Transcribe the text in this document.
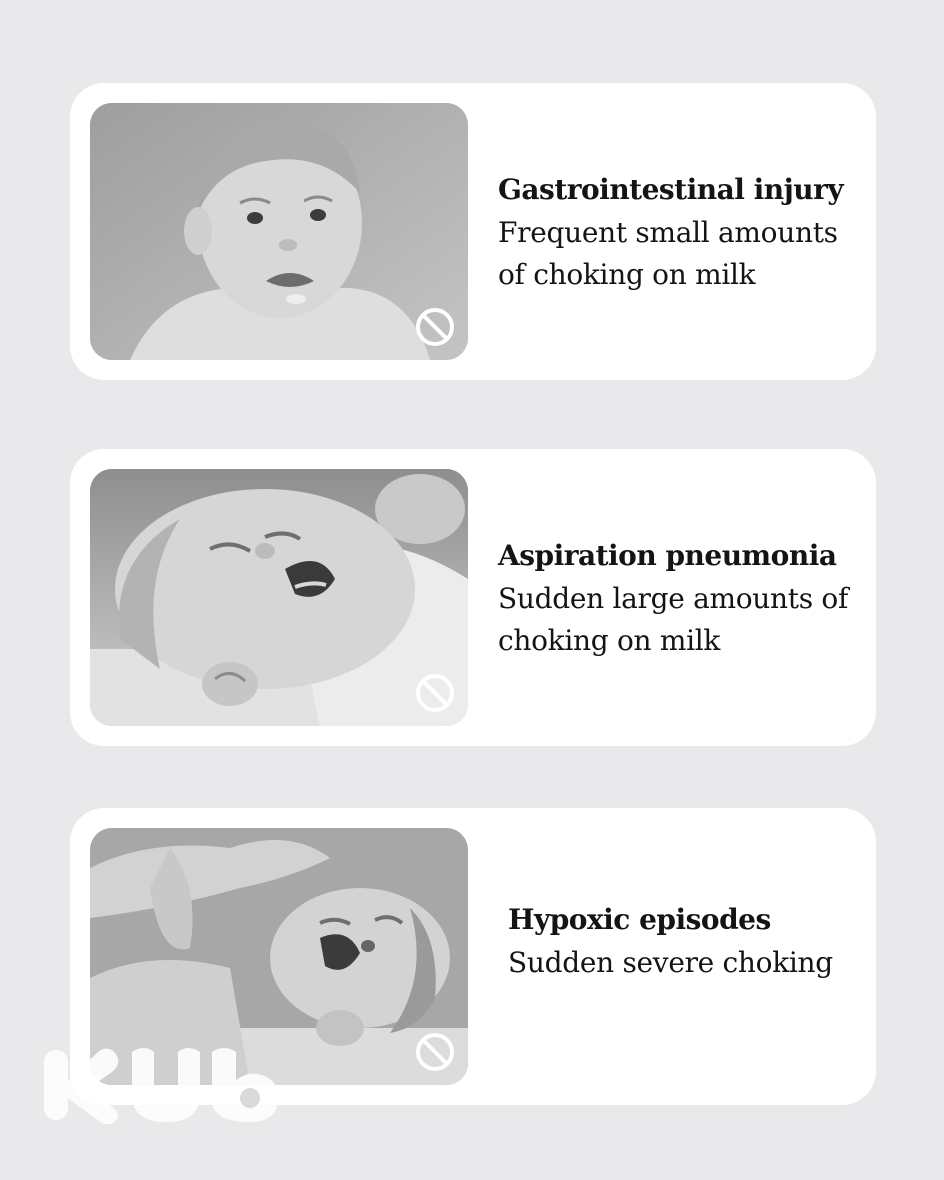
Gastrointestinal injury
Frequent small amounts of choking on milk
Aspiration pneumonia
Sudden large amounts of choking on milk
Hypoxic episodes
Sudden severe choking
